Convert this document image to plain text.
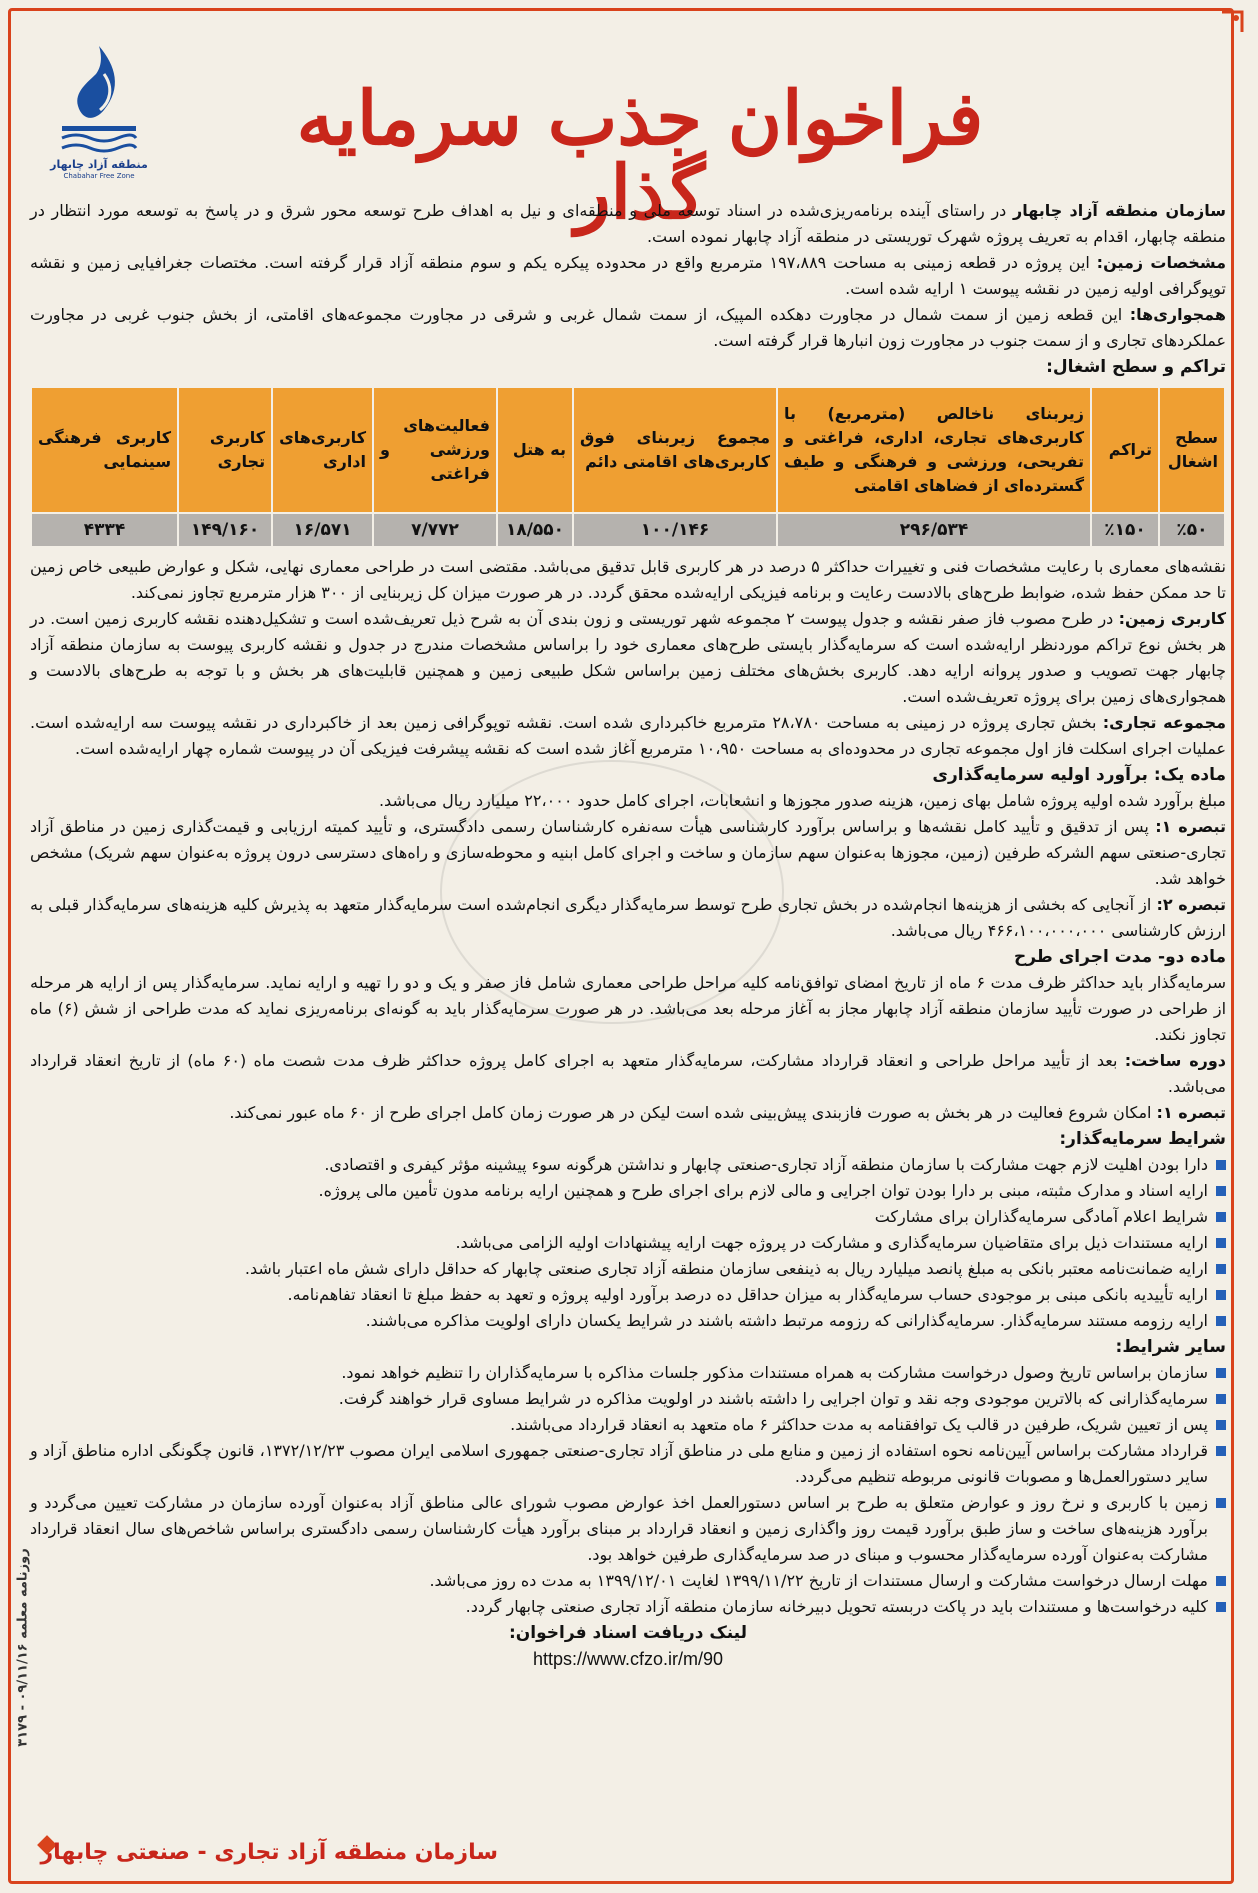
منطقه آزاد چابهار
Chabahar Free Zone
فراخوان جذب سرمایه گذار	سازمان منطقه آزاد چابهار در راستای آینده برنامه‌ریزی‌شده در اسناد توسعه ملی و منطقه‌ای و نیل به اهداف طرح توسعه محور شرق و در پاسخ به توسعه مورد انتظار در منطقه چابهار، اقدام به تعریف پروژه شهرک توریستی در منطقه آزاد چابهار نموده است.

مشخصات زمین: این پروژه در قطعه زمینی به مساحت ۱۹۷،۸۸۹ مترمربع واقع در محدوده پیکره یکم و سوم منطقه آزاد قرار گرفته است. مختصات جغرافیایی زمین و نقشه توپوگرافی اولیه زمین در نقشه پیوست ۱ ارایه شده است.

همجواری‌ها: این قطعه زمین از سمت شمال در مجاورت دهکده المپیک، از سمت شمال غربی و شرقی در مجاورت مجموعه‌های اقامتی، از بخش جنوب غربی در مجاورت عملکردهای تجاری و از سمت جنوب در مجاورت زون انبارها قرار گرفته است.

تراکم و سطح اشغال:

سطح اشغال	تراکم	زیربنای ناخالص (مترمربع) با کاربری‌های تجاری، اداری، فراغتی و تفریحی، ورزشی و فرهنگی و طیف گسترده‌ای از فضاهای اقامتی	مجموع زیربنای فوق کاربری‌های اقامتی دائم	به هتل	فعالیت‌های ورزشی و فراغتی	کاربری‌های اداری	کاربری تجاری	کاربری فرهنگی سینمایی
٪۵۰	٪۱۵۰	۲۹۶/۵۳۴	۱۰۰/۱۴۶	۱۸/۵۵۰	۷/۷۷۲	۱۶/۵۷۱	۱۴۹/۱۶۰	۴۳۳۴

نقشه‌های معماری با رعایت مشخصات فنی و تغییرات حداکثر ۵ درصد در هر کاربری قابل تدقیق می‌باشد. مقتضی است در طراحی معماری نهایی، شکل و عوارض طبیعی خاص زمین تا حد ممکن حفظ شده، ضوابط طرح‌های بالادست رعایت و برنامه فیزیکی ارایه‌شده محقق گردد. در هر صورت میزان کل زیربنایی از ۳۰۰ هزار مترمربع تجاوز نمی‌کند.

کاربری زمین: در طرح مصوب فاز صفر نقشه و جدول پیوست ۲ مجموعه شهر توریستی و زون بندی آن به شرح ذیل تعریف‌شده است و تشکیل‌دهنده نقشه کاربری زمین است. در هر بخش نوع تراکم موردنظر ارایه‌شده است که سرمایه‌گذار بایستی طرح‌های معماری خود را براساس مشخصات مندرج در جدول و نقشه کاربری پیوست به سازمان منطقه آزاد چابهار جهت تصویب و صدور پروانه ارایه دهد. کاربری بخش‌های مختلف زمین براساس شکل طبیعی زمین و همچنین قابلیت‌های هر بخش و با توجه به طرح‌های بالادست و همجواری‌های زمین برای پروژه تعریف‌شده است.

مجموعه تجاری: بخش تجاری پروژه در زمینی به مساحت ۲۸،۷۸۰ مترمربع خاکبرداری شده است. نقشه توپوگرافی زمین بعد از خاکبرداری در نقشه پیوست سه ارایه‌شده است. عملیات اجرای اسکلت فاز اول مجموعه تجاری در محدوده‌ای به مساحت ۱۰،۹۵۰ مترمربع آغاز شده است که نقشه پیشرفت فیزیکی آن در پیوست شماره چهار ارایه‌شده است.

ماده یک: برآورد اولیه سرمایه‌گذاری

مبلغ برآورد شده اولیه پروژه شامل بهای زمین، هزینه صدور مجوزها و انشعابات، اجرای کامل حدود ۲۲،۰۰۰ میلیارد ریال می‌باشد.

تبصره ۱: پس از تدقیق و تأیید کامل نقشه‌ها و براساس برآورد کارشناسی هیأت سه‌نفره کارشناسان رسمی دادگستری، و تأیید کمیته ارزیابی و قیمت‌گذاری زمین در مناطق آزاد تجاری-صنعتی سهم الشرکه طرفین (زمین، مجوزها به‌عنوان سهم سازمان و ساخت و اجرای کامل ابنیه و محوطه‌سازی و راه‌های دسترسی درون پروژه به‌عنوان سهم شریک) مشخص خواهد شد.

تبصره ۲: از آنجایی که بخشی از هزینه‌ها انجام‌شده در بخش تجاری طرح توسط سرمایه‌گذار دیگری انجام‌شده است سرمایه‌گذار متعهد به پذیرش کلیه هزینه‌های سرمایه‌گذار قبلی به ارزش کارشناسی ۴۶۶،۱۰۰،۰۰۰،۰۰۰ ریال می‌باشد.

ماده دو- مدت اجرای طرح

سرمایه‌گذار باید حداکثر ظرف مدت ۶ ماه از تاریخ امضای توافق‌نامه کلیه مراحل طراحی معماری شامل فاز صفر و یک و دو را تهیه و ارایه نماید. سرمایه‌گذار پس از ارایه هر مرحله از طراحی در صورت تأیید سازمان منطقه آزاد چابهار مجاز به آغاز مرحله بعد می‌باشد. در هر صورت سرمایه‌گذار باید به گونه‌ای برنامه‌ریزی نماید که مدت طراحی از شش (۶) ماه تجاوز نکند.

دوره ساخت: بعد از تأیید مراحل طراحی و انعقاد قرارداد مشارکت، سرمایه‌گذار متعهد به اجرای کامل پروژه حداکثر ظرف مدت شصت ماه (۶۰ ماه) از تاریخ انعقاد قرارداد می‌باشد.

تبصره ۱: امکان شروع فعالیت در هر بخش به صورت فازبندی پیش‌بینی شده است لیکن در هر صورت زمان کامل اجرای طرح از ۶۰ ماه عبور نمی‌کند.

شرایط سرمایه‌گذار:

دارا بودن اهلیت لازم جهت مشارکت با سازمان منطقه آزاد تجاری-صنعتی چابهار و نداشتن هرگونه سوء پیشینه مؤثر کیفری و اقتصادی.
ارایه اسناد و مدارک مثبته، مبنی بر دارا بودن توان اجرایی و مالی لازم برای اجرای طرح و همچنین ارایه برنامه مدون تأمین مالی پروژه.
شرایط اعلام آمادگی سرمایه‌گذاران برای مشارکت
ارایه مستندات ذیل برای متقاضیان سرمایه‌گذاری و مشارکت در پروژه جهت ارایه پیشنهادات اولیه الزامی می‌باشد.
ارایه ضمانت‌نامه معتبر بانکی به مبلغ پانصد میلیارد ریال به ذینفعی سازمان منطقه آزاد تجاری صنعتی چابهار که حداقل دارای شش ماه اعتبار باشد.
ارایه تأییدیه بانکی مبنی بر موجودی حساب سرمایه‌گذار به میزان حداقل ده درصد برآورد اولیه پروژه و تعهد به حفظ مبلغ تا انعقاد تفاهم‌نامه.
ارایه رزومه مستند سرمایه‌گذار. سرمایه‌گذارانی که رزومه مرتبط داشته باشند در شرایط یکسان دارای اولویت مذاکره می‌باشند.

سایر شرایط:

سازمان براساس تاریخ وصول درخواست مشارکت به همراه مستندات مذکور جلسات مذاکره با سرمایه‌گذاران را تنظیم خواهد نمود.
سرمایه‌گذارانی که بالاترین موجودی وجه نقد و توان اجرایی را داشته باشند در اولویت مذاکره در شرایط مساوی قرار خواهند گرفت.
پس از تعیین شریک، طرفین در قالب یک توافقنامه به مدت حداکثر ۶ ماه متعهد به انعقاد قرارداد می‌باشند.
قرارداد مشارکت براساس آیین‌نامه نحوه استفاده از زمین و منابع ملی در مناطق آزاد تجاری-صنعتی جمهوری اسلامی ایران مصوب ۱۳۷۲/۱۲/۲۳، قانون چگونگی اداره مناطق آزاد و سایر دستورالعمل‌ها و مصوبات قانونی مربوطه تنظیم می‌گردد.
زمین با کاربری و نرخ روز و عوارض متعلق به طرح بر اساس دستورالعمل اخذ عوارض مصوب شورای عالی مناطق آزاد به‌عنوان آورده سازمان در مشارکت تعیین می‌گردد و برآورد هزینه‌های ساخت و ساز طبق برآورد قیمت روز واگذاری زمین و انعقاد قرارداد بر مبنای برآورد هیأت کارشناسان رسمی دادگستری براساس شاخص‌های سال انعقاد قرارداد مشارکت به‌عنوان آورده سرمایه‌گذار محسوب و مبنای در صد سرمایه‌گذاری طرفین خواهد بود.
مهلت ارسال درخواست مشارکت و ارسال مستندات از تاریخ ۱۳۹۹/۱۱/۲۲ لغایت ۱۳۹۹/۱۲/۰۱ به مدت ده روز می‌باشد.
کلیه درخواست‌ها و مستندات باید در پاکت دربسته تحویل دبیرخانه سازمان منطقه آزاد تجاری صنعتی چابهار گردد.

لینک دریافت اسناد فراخوان:

https://www.cfzo.ir/m/90

روزنامه معلمه ۰۹/۱۱/۱۶ - ۳۱۷۹
سازمان منطقه آزاد تجاری - صنعتی چابهار
